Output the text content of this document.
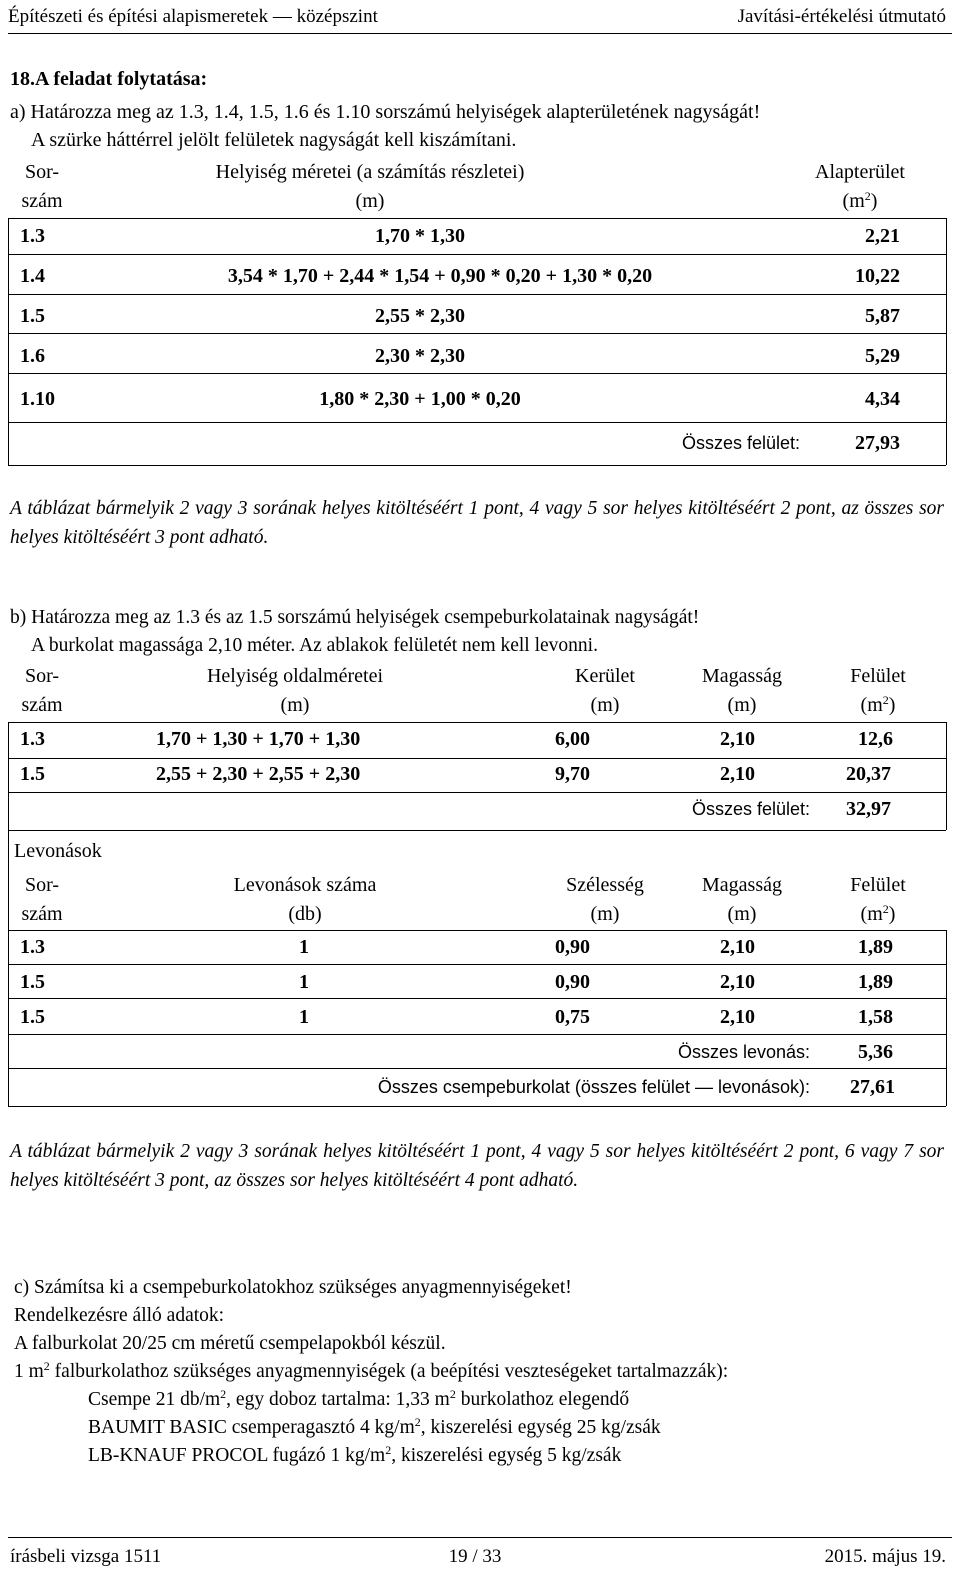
Építészeti és építési alapismeretek — középszint	Javítási-értékelési útmutató
18.A feladat folytatása:
a) Határozza meg az 1.3, 1.4, 1.5, 1.6 és 1.10 sorszámú helyiségek alapterületének nagyságát!
A szürke háttérrel jelölt felületek nagyságát kell kiszámítani.
Sor-
szám
Helyiség méretei (a számítás részletei)
(m)
Alapterület
$(m^2)$
1.3	1,70 * 1,30	2,21
1.4	3,54 * 1,70 + 2,44 * 1,54 + 0,90 * 0,20 + 1,30 * 0,20	10,22
1.5	2,55 * 2,30	5,87
1.6	2,30 * 2,30	5,29
1.10	1,80 * 2,30 + 1,00 * 0,20	4,34
Összes felület:	27,93
A táblázat bármelyik 2 vagy 3 sorának helyes kitöltéséért 1 pont, 4 vagy 5 sor helyes kitöltéséért 2 pont, az összes sor helyes kitöltéséért 3 pont adható.
b) Határozza meg az 1.3 és az 1.5 sorszámú helyiségek csempeburkolatainak nagyságát!
A burkolat magassága 2,10 méter. Az ablakok felületét nem kell levonni.
Sor-
szám
Helyiség oldalméretei
(m)
Kerület
(m)
Magasság
(m)
Felület
$(m^2)$
1.3	1,70 + 1,30 + 1,70 + 1,30	6,00	2,10	12,6
1.5	2,55 + 2,30 + 2,55 + 2,30	9,70	2,10	20,37
Összes felület: 32,97
Levonások
Sor-
szám
Levonások száma
(db)
Szélesség
(m)
Magasság
(m)
Felület
$(m^2)$
1.3	1	0,90	2,10	1,89
1.5	1	0,90	2,10	1,89
1.5	1	0,75	2,10	1,58
Összes levonás: 5,36
Összes csempeburkolat (összes felület — levonások): 27,61
A táblázat bármelyik 2 vagy 3 sorának helyes kitöltéséért 1 pont, 4 vagy 5 sor helyes kitöltéséért 2 pont, 6 vagy 7 sor helyes kitöltéséért 3 pont, az összes sor helyes kitöltéséért 4 pont adható.
c) Számítsa ki a csempeburkolatokhoz szükséges anyagmennyiségeket!
Rendelkezésre álló adatok:
A falburkolat 20/25 cm méretű csempelapokból készül.
1 $m^2$ falburkolathoz szükséges anyagmennyiségek (a beépítési veszteségeket tartalmazzák):
Csempe 21 $db/m^2$, egy doboz tartalma: 1,33 $m^2$ burkolathoz elegendő
BAUMIT BASIC csemperagasztó 4 $kg/m^2$, kiszerelési egység 25 kg/zsák
LB-KNAUF PROCOL fugázó 1 $kg/m^2$, kiszerelési egység 5 kg/zsák
írásbeli vizsga 1511	19 / 33	2015. május 19.
